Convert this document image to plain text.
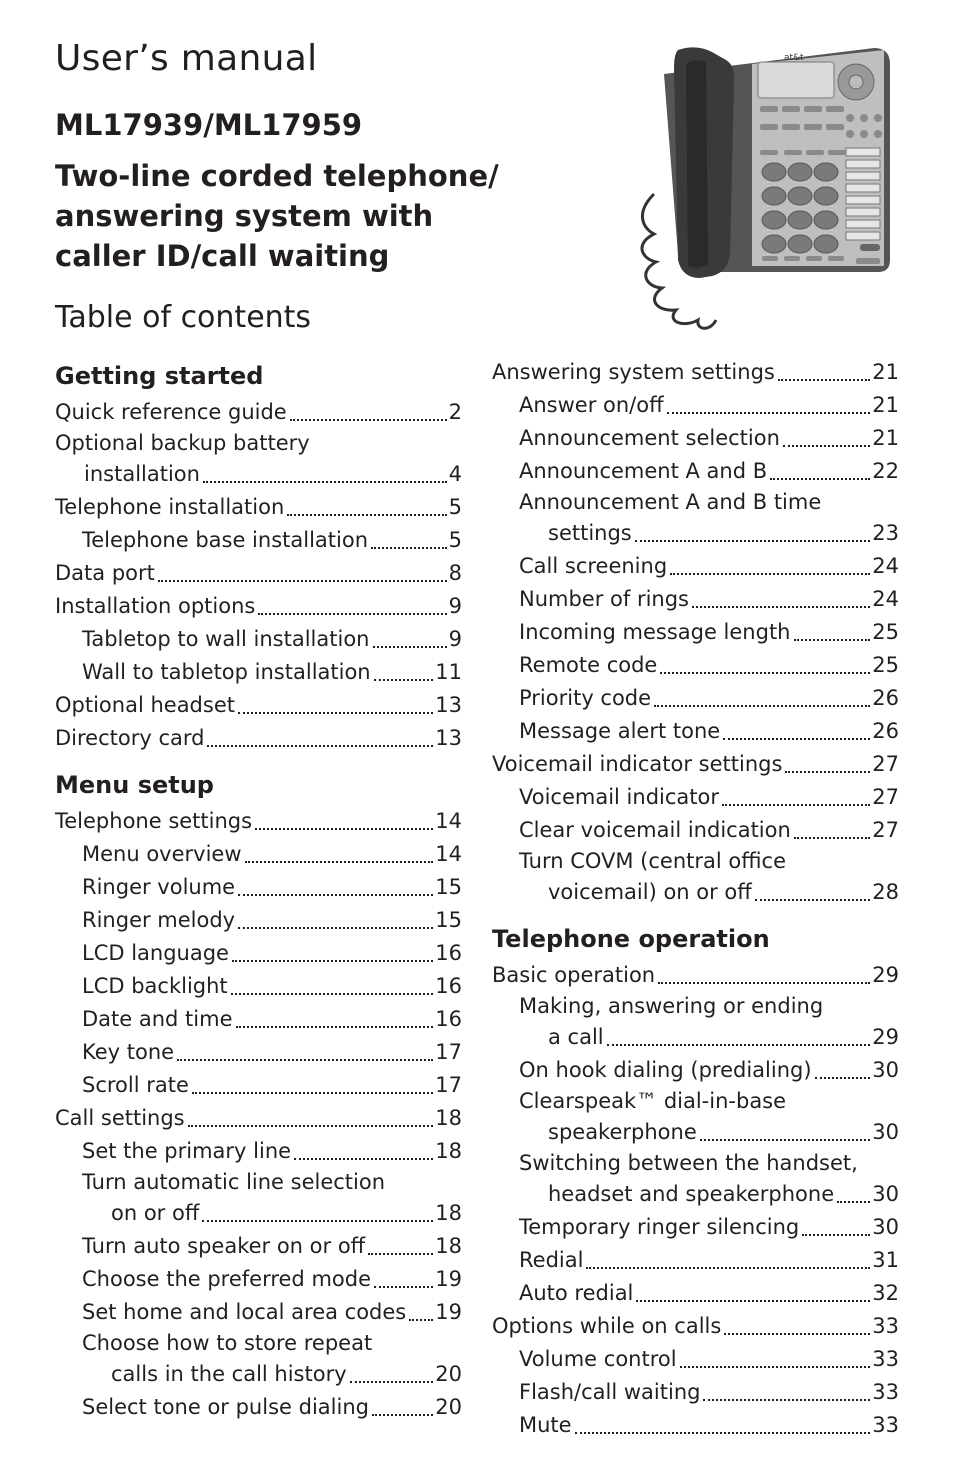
User’s manual
ML17939/ML17959
Two-line corded telephone/
answering system with
caller ID/call waiting
Table of contents
at&t
Getting started
Quick reference guide	2
Optional backup battery
installation	4
Telephone installation	5
Telephone base installation	5
Data port	8
Installation options	9
Tabletop to wall installation	9
Wall to tabletop installation	11
Optional headset	13
Directory card	13
Menu setup
Telephone settings	14
Menu overview	14
Ringer volume	15
Ringer melody	15
LCD language	16
LCD backlight	16
Date and time	16
Key tone	17
Scroll rate	17
Call settings	18
Set the primary line	18
Turn automatic line selection
on or off	18
Turn auto speaker on or off	18
Choose the preferred mode	19
Set home and local area codes 19
Choose how to store repeat
calls in the call history	20
Select tone or pulse dialing	20
Answering system settings	21
Answer on/off	21
Announcement selection	21
Announcement A and B	22
Announcement A and B time
settings	23
Call screening	24
Number of rings	24
Incoming message length	25
Remote code	25
Priority code	26
Message alert tone	26
Voicemail indicator settings	27
Voicemail indicator	27
Clear voicemail indication	27
Turn COVM (central office
voicemail) on or off	28
Telephone operation
Basic operation	29
Making, answering or ending
a call	29
On hook dialing (predialing)	30
Clearspeak™ dial-in-base
speakerphone	30
Switching between the handset,
headset and speakerphone 30
Temporary ringer silencing	30
Redial	31
Auto redial	32
Options while on calls	33
Volume control	33
Flash/call waiting	33
Mute	33
